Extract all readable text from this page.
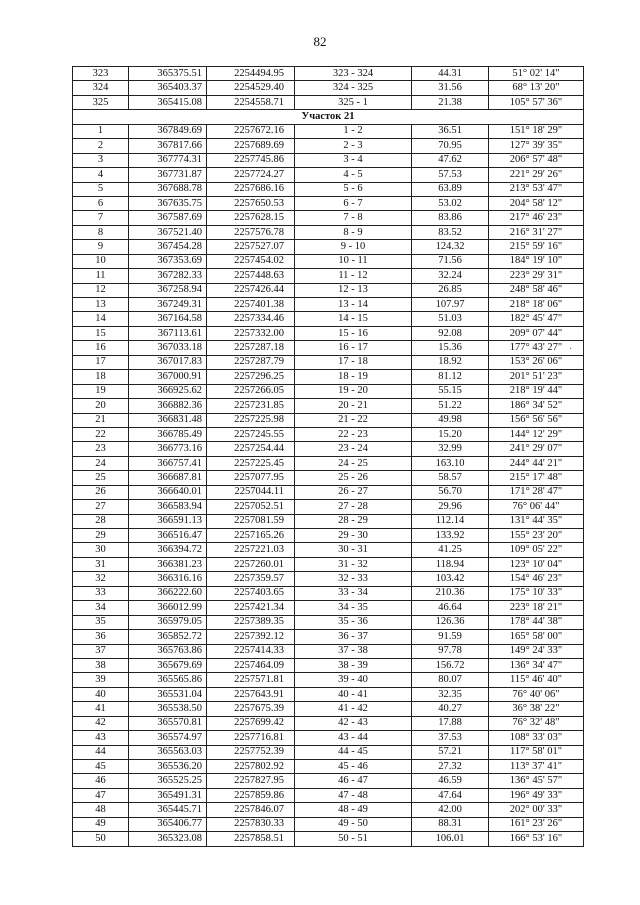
82
323	365375.51	2254494.95	323 - 324	44.31	51° 02' 14"
324	365403.37	2254529.40	324 - 325	31.56	68° 13' 20"
325	365415.08	2254558.71	325 - 1	21.38	105° 57' 36"
Участок 21					
1	367849.69	2257672.16	1 - 2	36.51	151° 18' 29"
2	367817.66	2257689.69	2 - 3	70.95	127° 39' 35"
3	367774.31	2257745.86	3 - 4	47.62	206° 57' 48"
4	367731.87	2257724.27	4 - 5	57.53	221° 29' 26"
5	367688.78	2257686.16	5 - 6	63.89	213° 53' 47"
6	367635.75	2257650.53	6 - 7	53.02	204° 58' 12"
7	367587.69	2257628.15	7 - 8	83.86	217° 46' 23"
8	367521.40	2257576.78	8 - 9	83.52	216° 31' 27"
9	367454.28	2257527.07	9 - 10	124.32	215° 59' 16"
10	367353.69	2257454.02	10 - 11	71.56	184° 19' 10"
11	367282.33	2257448.63	11 - 12	32.24	223° 29' 31"
12	367258.94	2257426.44	12 - 13	26.85	248° 58' 46"
13	367249.31	2257401.38	13 - 14	107.97	218° 18' 06"
14	367164.58	2257334.46	14 - 15	51.03	182° 45' 47"
15	367113.61	2257332.00	15 - 16	92.08	209° 07' 44"
16	367033.18	2257287.18	16 - 17	15.36	177° 43' 27"
17	367017.83	2257287.79	17 - 18	18.92	153° 26' 06"
18	367000.91	2257296.25	18 - 19	81.12	201° 51' 23"
19	366925.62	2257266.05	19 - 20	55.15	218° 19' 44"
20	366882.36	2257231.85	20 - 21	51.22	186° 34' 52"
21	366831.48	2257225.98	21 - 22	49.98	156° 56' 56"
22	366785.49	2257245.55	22 - 23	15.20	144° 12' 29"
23	366773.16	2257254.44	23 - 24	32.99	241° 29' 07"
24	366757.41	2257225.45	24 - 25	163.10	244° 44' 21"
25	366687.81	2257077.95	25 - 26	58.57	215° 17' 48"
26	366640.01	2257044.11	26 - 27	56.70	171° 28' 47"
27	366583.94	2257052.51	27 - 28	29.96	76° 06' 44"
28	366591.13	2257081.59	28 - 29	112.14	131° 44' 35"
29	366516.47	2257165.26	29 - 30	133.92	155° 23' 20"
30	366394.72	2257221.03	30 - 31	41.25	109° 05' 22"
31	366381.23	2257260.01	31 - 32	118.94	123° 10' 04"
32	366316.16	2257359.57	32 - 33	103.42	154° 46' 23"
33	366222.60	2257403.65	33 - 34	210.36	175° 10' 33"
34	366012.99	2257421.34	34 - 35	46.64	223° 18' 21"
35	365979.05	2257389.35	35 - 36	126.36	178° 44' 38"
36	365852.72	2257392.12	36 - 37	91.59	165° 58' 00"
37	365763.86	2257414.33	37 - 38	97.78	149° 24' 33"
38	365679.69	2257464.09	38 - 39	156.72	136° 34' 47"
39	365565.86	2257571.81	39 - 40	80.07	115° 46' 40"
40	365531.04	2257643.91	40 - 41	32.35	76° 40' 06"
41	365538.50	2257675.39	41 - 42	40.27	36° 38' 22"
42	365570.81	2257699.42	42 - 43	17.88	76° 32' 48"
43	365574.97	2257716.81	43 - 44	37.53	108° 33' 03"
44	365563.03	2257752.39	44 - 45	57.21	117° 58' 01"
45	365536.20	2257802.92	45 - 46	27.32	113° 37' 41"
46	365525.25	2257827.95	46 - 47	46.59	136° 45' 57"
47	365491.31	2257859.86	47 - 48	47.64	196° 49' 33"
48	365445.71	2257846.07	48 - 49	42.00	202° 00' 33"
49	365406.77	2257830.33	49 - 50	88.31	161° 23' 26"
50	365323.08	2257858.51	50 - 51	106.01	166° 53' 16"
·
